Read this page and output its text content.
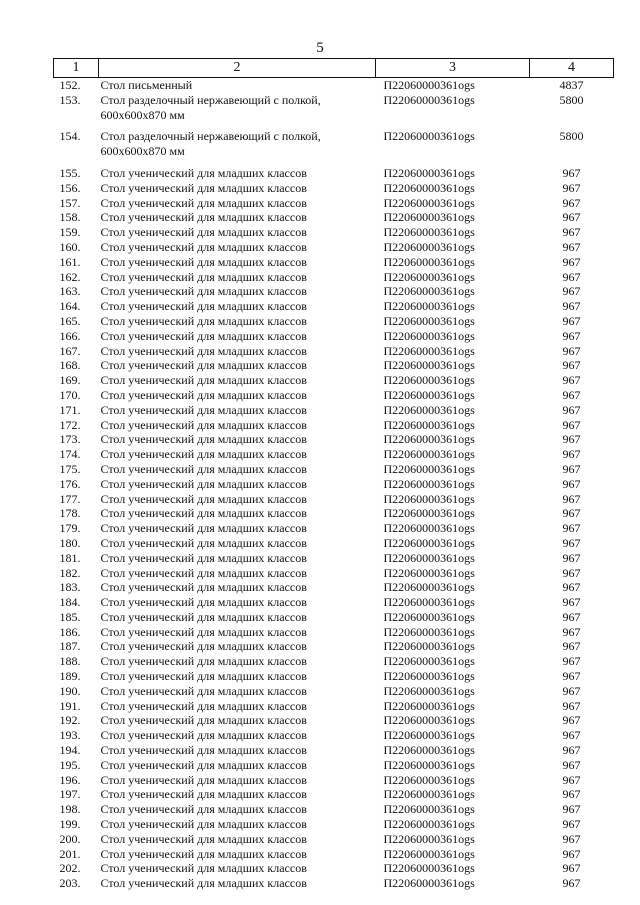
5
1	2	3	4
152.	Стол письменный	П22060000361ogs	4837
153.	Стол разделочный нержавеющий с полкой, 600х600х870 мм	П22060000361ogs	5800
154.	Стол разделочный нержавеющий с полкой, 600х600х870 мм	П22060000361ogs	5800
155.	Стол ученический для младших классов	П22060000361ogs	967
156.	Стол ученический для младших классов	П22060000361ogs	967
157.	Стол ученический для младших классов	П22060000361ogs	967
158.	Стол ученический для младших классов	П22060000361ogs	967
159.	Стол ученический для младших классов	П22060000361ogs	967
160.	Стол ученический для младших классов	П22060000361ogs	967
161.	Стол ученический для младших классов	П22060000361ogs	967
162.	Стол ученический для младших классов	П22060000361ogs	967
163.	Стол ученический для младших классов	П22060000361ogs	967
164.	Стол ученический для младших классов	П22060000361ogs	967
165.	Стол ученический для младших классов	П22060000361ogs	967
166.	Стол ученический для младших классов	П22060000361ogs	967
167.	Стол ученический для младших классов	П22060000361ogs	967
168.	Стол ученический для младших классов	П22060000361ogs	967
169.	Стол ученический для младших классов	П22060000361ogs	967
170.	Стол ученический для младших классов	П22060000361ogs	967
171.	Стол ученический для младших классов	П22060000361ogs	967
172.	Стол ученический для младших классов	П22060000361ogs	967
173.	Стол ученический для младших классов	П22060000361ogs	967
174.	Стол ученический для младших классов	П22060000361ogs	967
175.	Стол ученический для младших классов	П22060000361ogs	967
176.	Стол ученический для младших классов	П22060000361ogs	967
177.	Стол ученический для младших классов	П22060000361ogs	967
178.	Стол ученический для младших классов	П22060000361ogs	967
179.	Стол ученический для младших классов	П22060000361ogs	967
180.	Стол ученический для младших классов	П22060000361ogs	967
181.	Стол ученический для младших классов	П22060000361ogs	967
182.	Стол ученический для младших классов	П22060000361ogs	967
183.	Стол ученический для младших классов	П22060000361ogs	967
184.	Стол ученический для младших классов	П22060000361ogs	967
185.	Стол ученический для младших классов	П22060000361ogs	967
186.	Стол ученический для младших классов	П22060000361ogs	967
187.	Стол ученический для младших классов	П22060000361ogs	967
188.	Стол ученический для младших классов	П22060000361ogs	967
189.	Стол ученический для младших классов	П22060000361ogs	967
190.	Стол ученический для младших классов	П22060000361ogs	967
191.	Стол ученический для младших классов	П22060000361ogs	967
192.	Стол ученический для младших классов	П22060000361ogs	967
193.	Стол ученический для младших классов	П22060000361ogs	967
194.	Стол ученический для младших классов	П22060000361ogs	967
195.	Стол ученический для младших классов	П22060000361ogs	967
196.	Стол ученический для младших классов	П22060000361ogs	967
197.	Стол ученический для младших классов	П22060000361ogs	967
198.	Стол ученический для младших классов	П22060000361ogs	967
199.	Стол ученический для младших классов	П22060000361ogs	967
200.	Стол ученический для младших классов	П22060000361ogs	967
201.	Стол ученический для младших классов	П22060000361ogs	967
202.	Стол ученический для младших классов	П22060000361ogs	967
203.	Стол ученический для младших классов	П22060000361ogs	967
